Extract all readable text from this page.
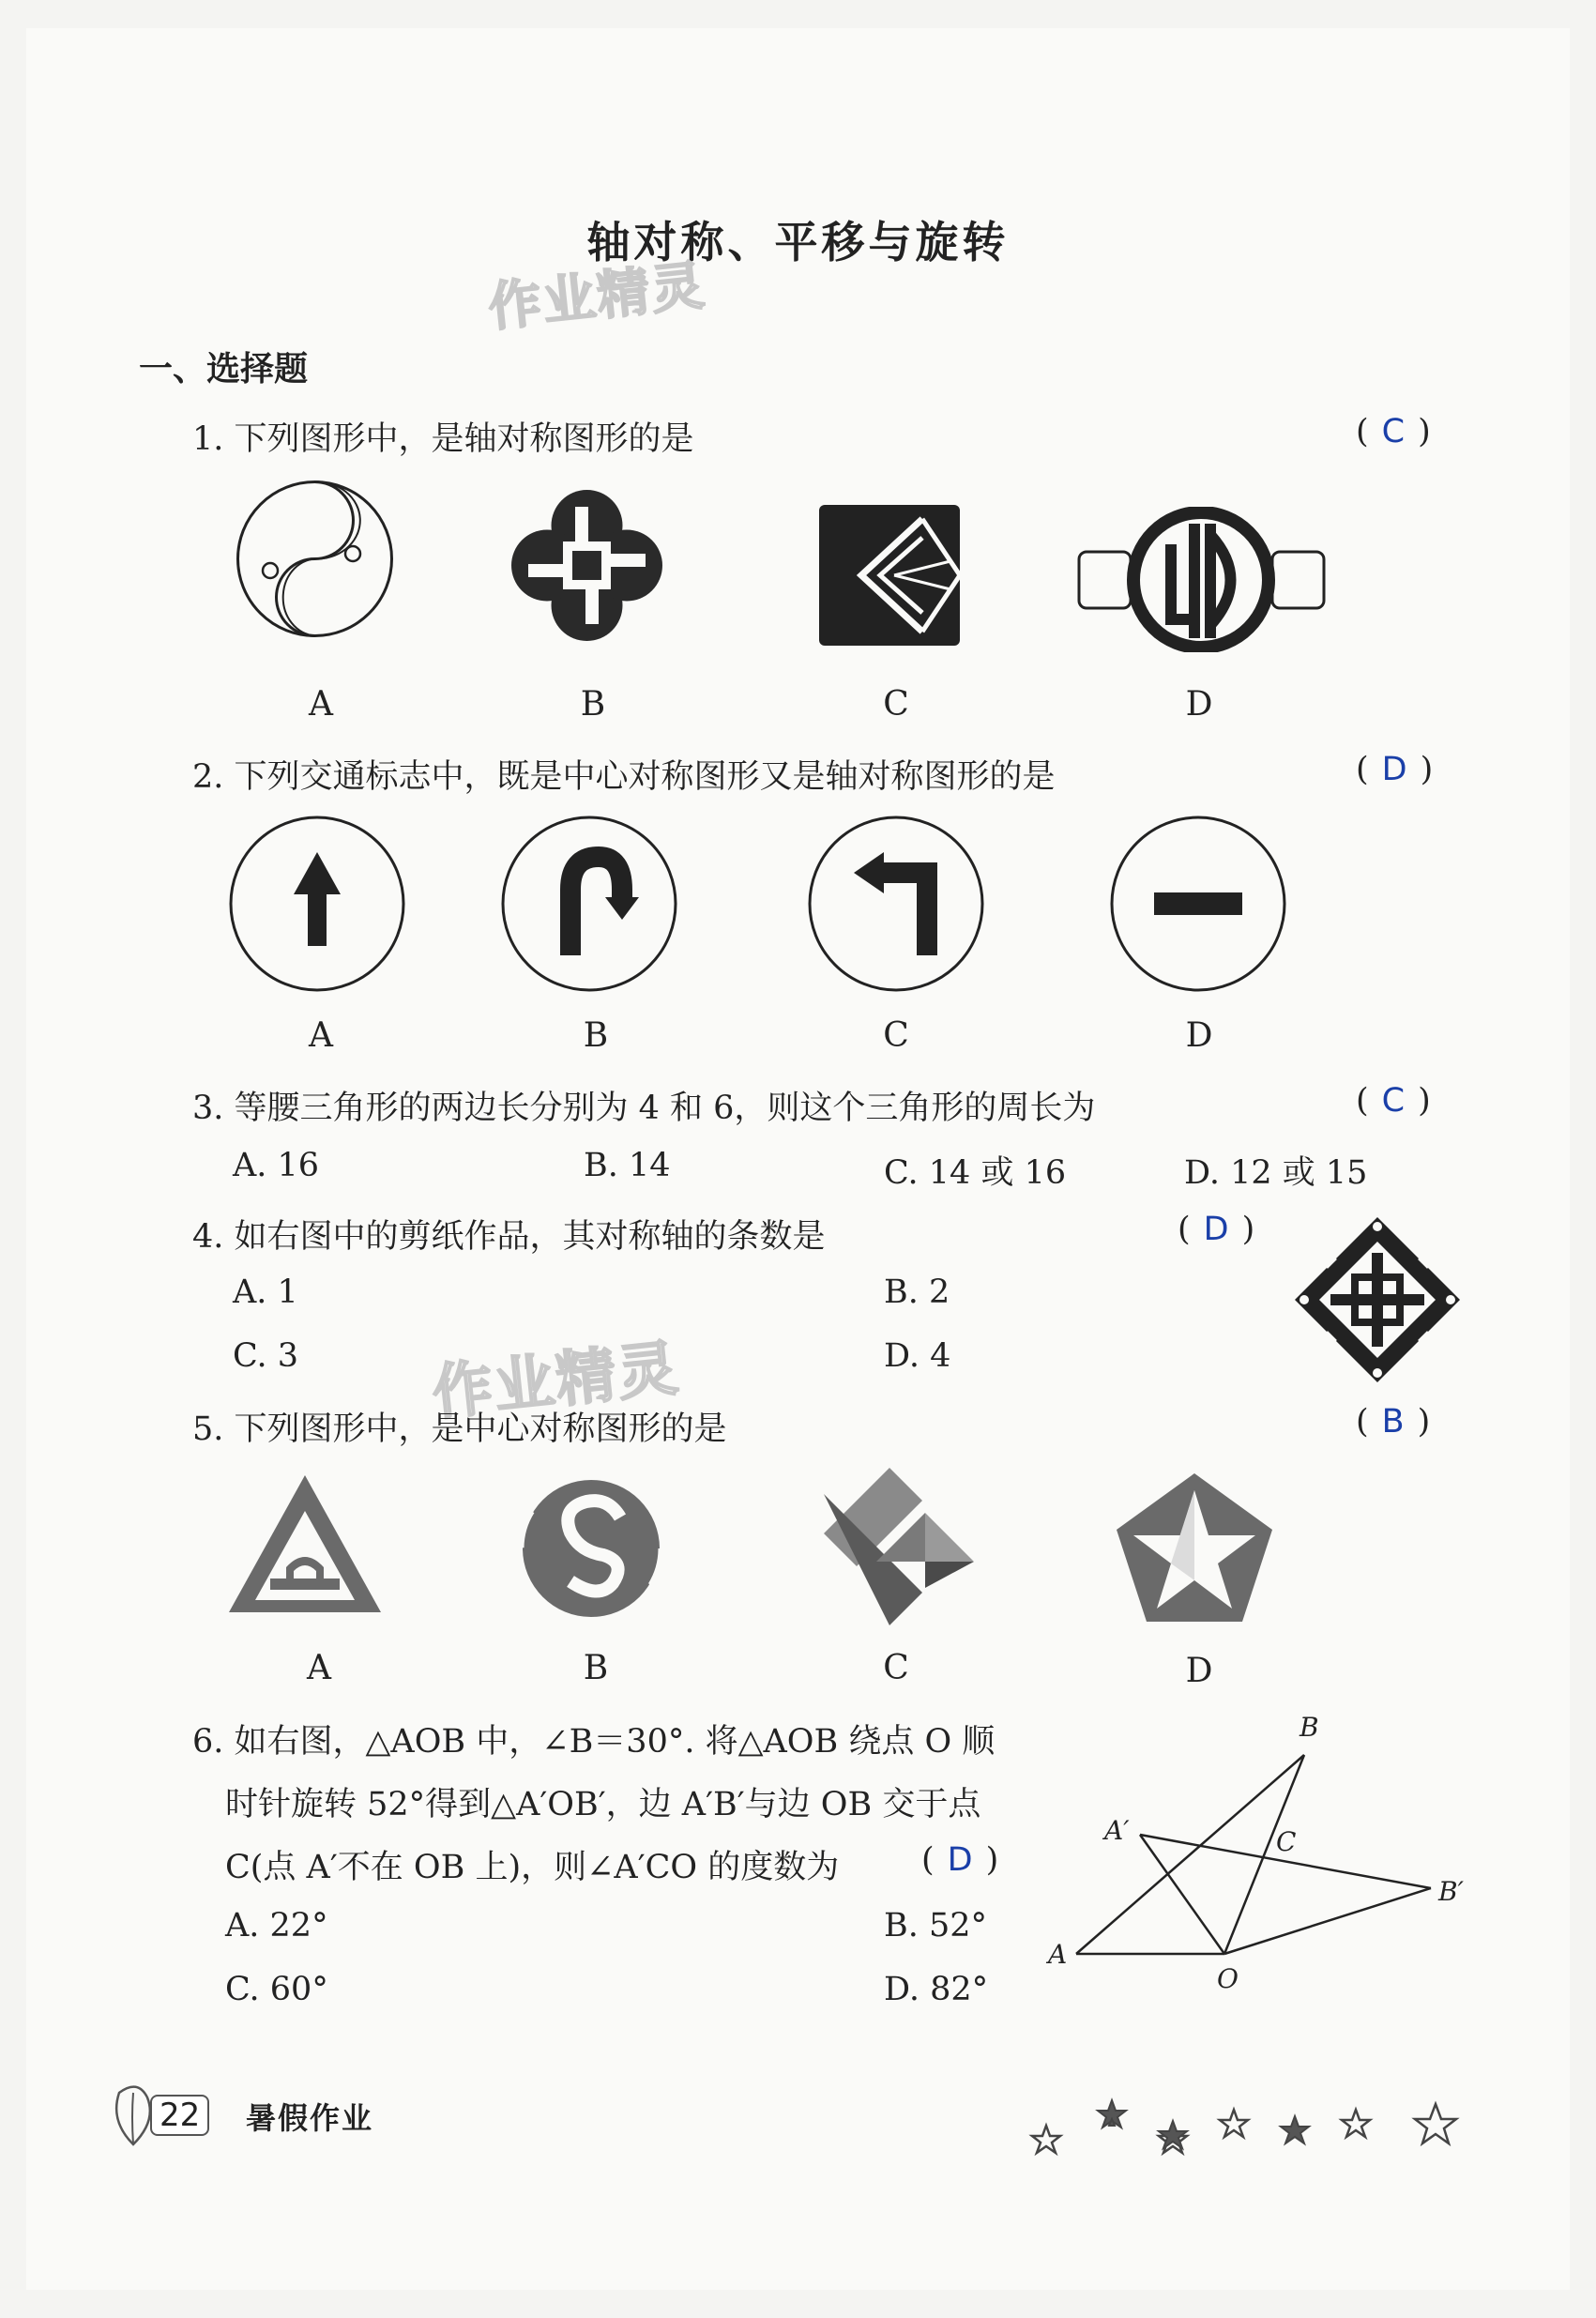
轴对称、平移与旋转
作业精灵
作业精灵
一、选择题
1. 下列图形中，是轴对称图形的是	( C )
A	B	C	D
2. 下列交通标志中，既是中心对称图形又是轴对称图形的是	( D )
A	B	C	D
3. 等腰三角形的两边长分别为 4 和 6，则这个三角形的周长为	( C )
A. 16	B. 14	C. 14 或 16	D. 12 或 15
4. 如右图中的剪纸作品，其对称轴的条数是	( D )
A. 1	B. 2
C. 3	D. 4
5. 下列图形中，是中心对称图形的是	( B )
A	B	C	D
6. 如右图，△AOB 中，∠B＝30°. 将△AOB 绕点 O 顺
时针旋转 52°得到△A′OB′，边 A′B′与边 OB 交于点
C(点 A′不在 OB 上)，则∠A′CO 的度数为	( D )
A. 22°	B. 52°
C. 60°	D. 82°
A
B
O
C
A′
B′
22	暑假作业
